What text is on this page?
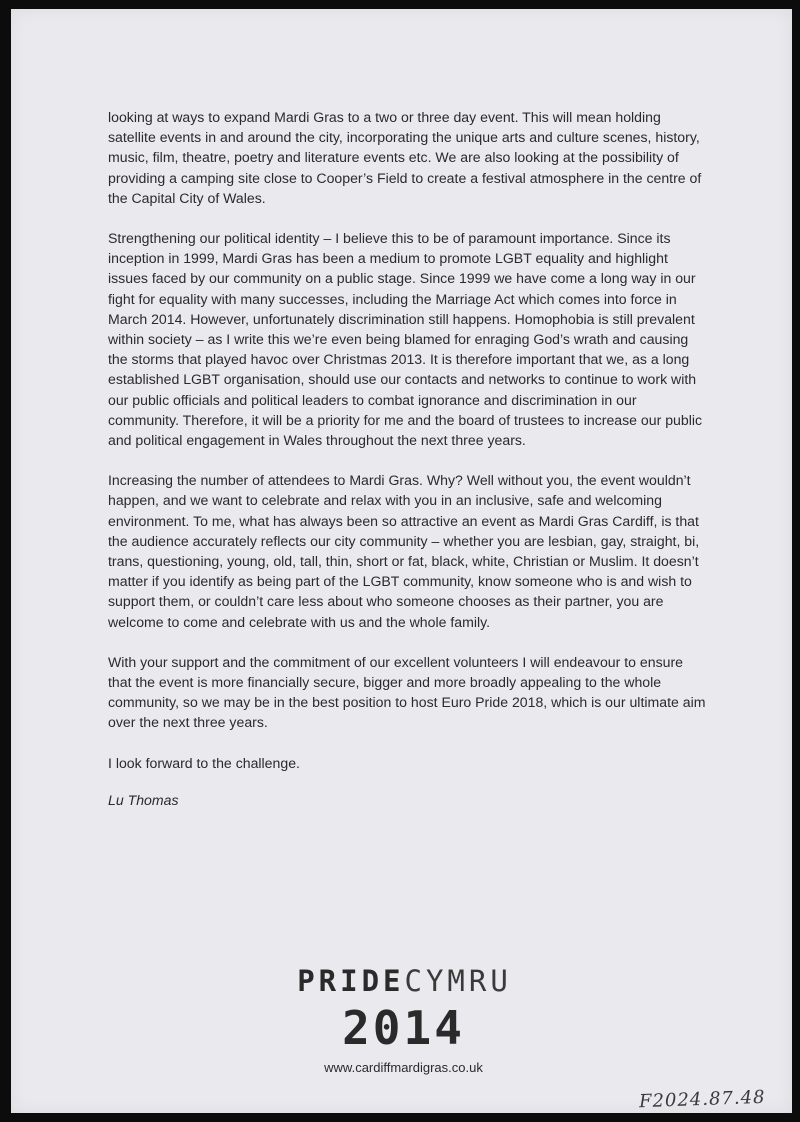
looking at ways to expand Mardi Gras to a two or three day event. This will mean holding satellite events in and around the city, incorporating the unique arts and culture scenes, history, music, film, theatre, poetry and literature events etc. We are also looking at the possibility of providing a camping site close to Cooper’s Field to create a festival atmosphere in the centre of the Capital City of Wales.

Strengthening our political identity – I believe this to be of paramount importance. Since its inception in 1999, Mardi Gras has been a medium to promote LGBT equality and highlight issues faced by our community on a public stage. Since 1999 we have come a long way in our fight for equality with many successes, including the Marriage Act which comes into force in March 2014. However, unfortunately discrimination still happens. Homophobia is still prevalent within society – as I write this we’re even being blamed for enraging God’s wrath and causing the storms that played havoc over Christmas 2013. It is therefore important that we, as a long established LGBT organisation, should use our contacts and networks to continue to work with our public officials and political leaders to combat ignorance and discrimination in our community. Therefore, it will be a priority for me and the board of trustees to increase our public and political engagement in Wales throughout the next three years.

Increasing the number of attendees to Mardi Gras. Why? Well without you, the event wouldn’t happen, and we want to celebrate and relax with you in an inclusive, safe and welcoming environment. To me, what has always been so attractive an event as Mardi Gras Cardiff, is that the audience accurately reflects our city community – whether you are lesbian, gay, straight, bi, trans, questioning, young, old, tall, thin, short or fat, black, white, Christian or Muslim. It doesn’t matter if you identify as being part of the LGBT community, know someone who is and wish to support them, or couldn’t care less about who someone chooses as their partner, you are welcome to come and celebrate with us and the whole family.

With your support and the commitment of our excellent volunteers I will endeavour to ensure that the event is more financially secure, bigger and more broadly appealing to the whole community, so we may be in the best position to host Euro Pride 2018, which is our ultimate aim over the next three years.

I look forward to the challenge.

Lu Thomas

PRIDECYMRU
2014
www.cardiffmardigras.co.uk
F2024.87.48
